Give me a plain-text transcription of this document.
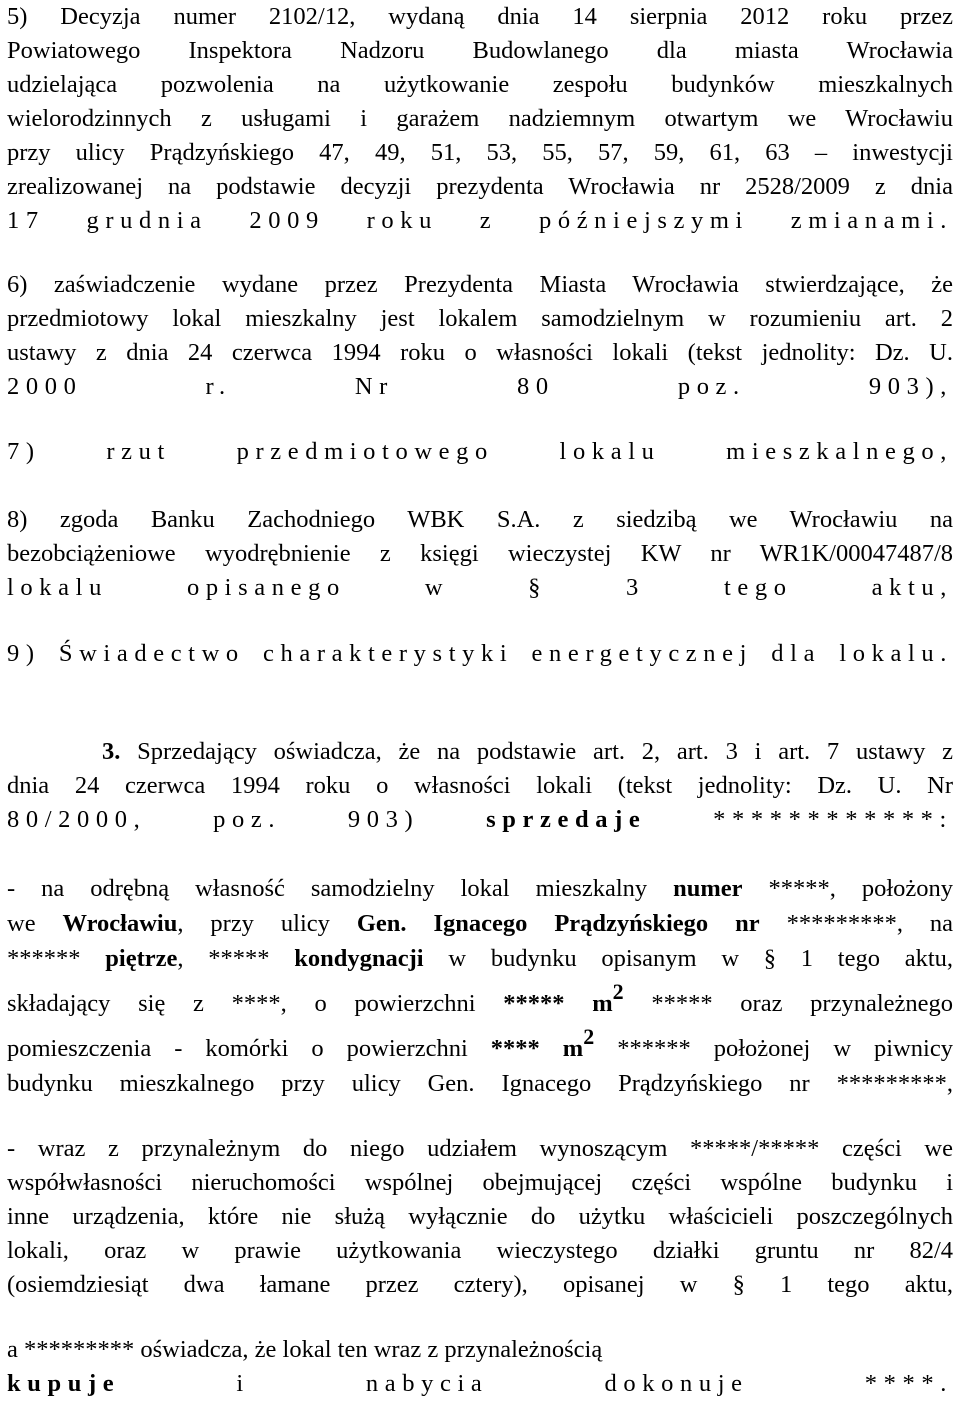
5) Decyzja numer 2102/12, wydaną dnia 14 sierpnia 2012 roku przez
Powiatowego Inspektora Nadzoru Budowlanego dla miasta Wrocławia
udzielająca pozwolenia na użytkowanie zespołu budynków mieszkalnych
wielorodzinnych z usługami i garażem nadziemnym otwartym we Wrocławiu
przy ulicy Prądzyńskiego 47, 49, 51, 53, 55, 57, 59, 61, 63 – inwestycji
zrealizowanej na podstawie decyzji prezydenta Wrocławia nr 2528/2009 z dnia
17 grudnia 2009 roku z późniejszymi zmianami.
6) zaświadczenie wydane przez Prezydenta Miasta Wrocławia stwierdzające, że
przedmiotowy lokal mieszkalny jest lokalem samodzielnym w rozumieniu art. 2
ustawy z dnia 24 czerwca 1994 roku o własności lokali (tekst jednolity: Dz. U.
2000 r. Nr 80 poz. 903),
7) rzut przedmiotowego lokalu mieszkalnego,
8) zgoda Banku Zachodniego WBK S.A. z siedzibą we Wrocławiu na
bezobciążeniowe wyodrębnienie z księgi wieczystej KW nr WR1K/00047487/8
lokalu opisanego w § 3 tego aktu,
9) Świadectwo charakterystyki energetycznej dla lokalu.
3. Sprzedający oświadcza, że na podstawie art. 2, art. 3 i art. 7 ustawy z
dnia 24 czerwca 1994 roku o własności lokali (tekst jednolity: Dz. U. Nr
80/2000, poz. 903)	sprzedaje	************:
- na odrębną własność samodzielny lokal mieszkalny numer *****, położony
we Wrocławiu, przy ulicy Gen. Ignacego Prądzyńskiego nr *********, na
****** piętrze, ***** kondygnacji w budynku opisanym w § 1 tego aktu,
składający się z ****, o powierzchni ***** $m^2$ ***** oraz przynależnego
pomieszczenia - komórki o powierzchni **** $m^2$ ****** położonej w piwnicy
budynku mieszkalnego przy ulicy Gen. Ignacego Prądzyńskiego nr *********,
- wraz z przynależnym do niego udziałem wynoszącym *****/***** części we
współwłasności nieruchomości wspólnej obejmującej części wspólne budynku i
inne urządzenia, które nie służą wyłącznie do użytku właścicieli poszczególnych
lokali, oraz w prawie użytkowania wieczystego działki gruntu nr 82/4
(osiemdziesiąt dwa łamane przez cztery), opisanej w § 1 tego aktu,
a ********* oświadcza, że lokal ten wraz z przynależnością
kupuje	i nabycia dokonuje ****.
